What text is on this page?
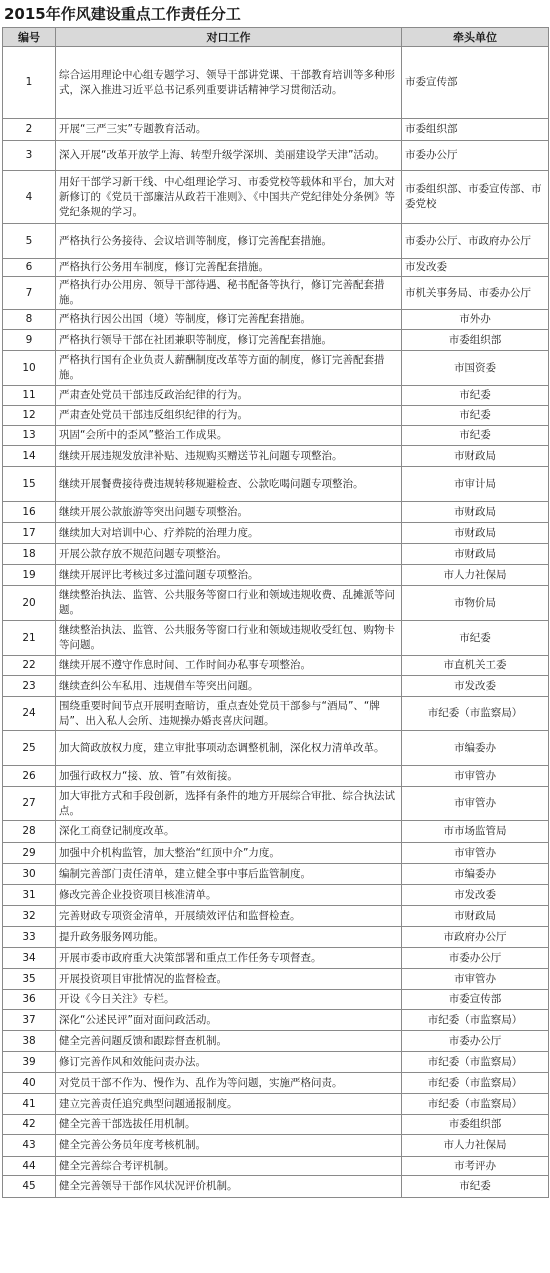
2015年作风建设重点工作责任分工
编号	对口工作	牵头单位
1	综合运用理论中心组专题学习、领导干部讲党课、干部教育培训等多种形式，深入推进习近平总书记系列重要讲话精神学习贯彻活动。	市委宣传部
2	开展“三严三实”专题教育活动。	市委组织部
3	深入开展“改革开放学上海、转型升级学深圳、美丽建设学天津”活动。	市委办公厅
4	用好干部学习新干线、中心组理论学习、市委党校等载体和平台，加大对新修订的《党员干部廉洁从政若干准则》、《中国共产党纪律处分条例》等党纪条规的学习。	市委组织部、市委宣传部、市委党校
5	严格执行公务接待、会议培训等制度，修订完善配套措施。	市委办公厅、市政府办公厅
6	严格执行公务用车制度，修订完善配套措施。	市发改委
7	严格执行办公用房、领导干部待遇、秘书配备等执行，修订完善配套措施。	市机关事务局、市委办公厅
8	严格执行因公出国（境）等制度，修订完善配套措施。	市外办
9	严格执行领导干部在社团兼职等制度，修订完善配套措施。	市委组织部
10	严格执行国有企业负责人薪酬制度改革等方面的制度，修订完善配套措施。	市国资委
11	严肃查处党员干部违反政治纪律的行为。	市纪委
12	严肃查处党员干部违反组织纪律的行为。	市纪委
13	巩固“会所中的歪风”整治工作成果。	市纪委
14	继续开展违规发放津补贴、违规购买赠送节礼问题专项整治。	市财政局
15	继续开展餐费接待费违规转移规避检查、公款吃喝问题专项整治。	市审计局
16	继续开展公款旅游等突出问题专项整治。	市财政局
17	继续加大对培训中心、疗养院的治理力度。	市财政局
18	开展公款存放不规范问题专项整治。	市财政局
19	继续开展评比考核过多过滥问题专项整治。	市人力社保局
20	继续整治执法、监管、公共服务等窗口行业和领域违规收费、乱摊派等问题。	市物价局
21	继续整治执法、监管、公共服务等窗口行业和领域违规收受红包、购物卡等问题。	市纪委
22	继续开展不遵守作息时间、工作时间办私事专项整治。	市直机关工委
23	继续查纠公车私用、违规借车等突出问题。	市发改委
24	围绕重要时间节点开展明查暗访，重点查处党员干部参与“酒局”、“牌局”、出入私人会所、违规操办婚丧喜庆问题。	市纪委（市监察局）
25	加大简政放权力度，建立审批事项动态调整机制，深化权力清单改革。	市编委办
26	加强行政权力“接、放、管”有效衔接。	市审管办
27	加大审批方式和手段创新，选择有条件的地方开展综合审批、综合执法试点。	市审管办
28	深化工商登记制度改革。	市市场监管局
29	加强中介机构监管，加大整治“红顶中介”力度。	市审管办
30	编制完善部门责任清单，建立健全事中事后监管制度。	市编委办
31	修改完善企业投资项目核准清单。	市发改委
32	完善财政专项资金清单，开展绩效评估和监督检查。	市财政局
33	提升政务服务网功能。	市政府办公厅
34	开展市委市政府重大决策部署和重点工作任务专项督查。	市委办公厅
35	开展投资项目审批情况的监督检查。	市审管办
36	开设《今日关注》专栏。	市委宣传部
37	深化“公述民评”面对面问政活动。	市纪委（市监察局）
38	健全完善问题反馈和跟踪督查机制。	市委办公厅
39	修订完善作风和效能问责办法。	市纪委（市监察局）
40	对党员干部不作为、慢作为、乱作为等问题，实施严格问责。	市纪委（市监察局）
41	建立完善责任追究典型问题通报制度。	市纪委（市监察局）
42	健全完善干部选拔任用机制。	市委组织部
43	健全完善公务员年度考核机制。	市人力社保局
44	健全完善综合考评机制。	市考评办
45	健全完善领导干部作风状况评价机制。	市纪委
